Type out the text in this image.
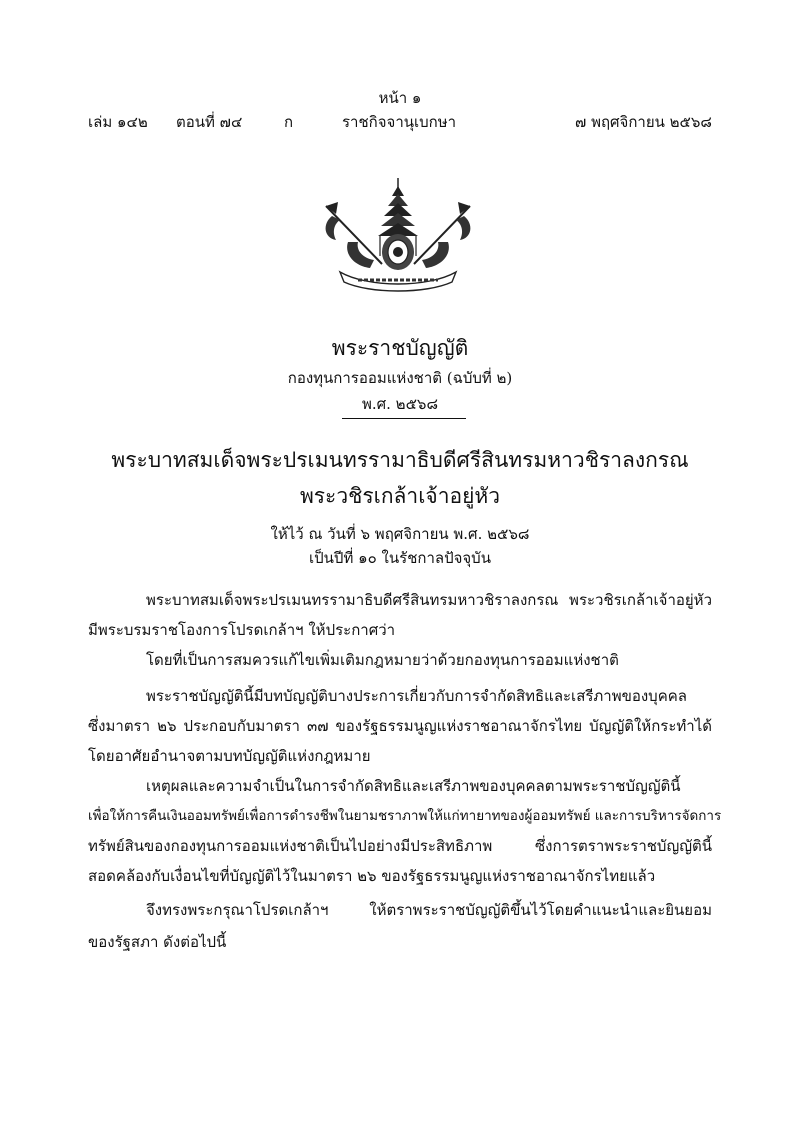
หน้า ๑
เล่ม ๑๔๒ ตอนที่ ๗๔	ก	ราชกิจจานุเบกษา	๗ พฤศจิกายน ๒๕๖๘
พระราชบัญญัติ
กองทุนการออมแห่งชาติ (ฉบับที่ ๒)
พ.ศ. ๒๕๖๘
พระบาทสมเด็จพระปรเมนทรรามาธิบดีศรีสินทรมหาวชิราลงกรณ
พระวชิรเกล้าเจ้าอยู่หัว
ให้ไว้ ณ วันที่ ๖ พฤศจิกายน พ.ศ. ๒๕๖๘
เป็นปีที่ ๑๐ ในรัชกาลปัจจุบัน
พระบาทสมเด็จพระปรเมนทรรามาธิบดีศรีสินทรมหาวชิราลงกรณ พระวชิรเกล้าเจ้าอยู่หัว
มีพระบรมราชโองการโปรดเกล้าฯ ให้ประกาศว่า
โดยที่เป็นการสมควรแก้ไขเพิ่มเติมกฎหมายว่าด้วยกองทุนการออมแห่งชาติ
พระราชบัญญัตินี้มีบทบัญญัติบางประการเกี่ยวกับการจำกัดสิทธิและเสรีภาพของบุคคล
ซึ่งมาตรา ๒๖ ประกอบกับมาตรา ๓๗ ของรัฐธรรมนูญแห่งราชอาณาจักรไทย บัญญัติให้กระทำได้
โดยอาศัยอำนาจตามบทบัญญัติแห่งกฎหมาย
เหตุผลและความจำเป็นในการจำกัดสิทธิและเสรีภาพของบุคคลตามพระราชบัญญัตินี้
เพื่อให้การคืนเงินออมทรัพย์เพื่อการดำรงชีพในยามชราภาพให้แก่ทายาทของผู้ออมทรัพย์ และการบริหารจัดการ
ทรัพย์สินของกองทุนการออมแห่งชาติเป็นไปอย่างมีประสิทธิภาพ ซึ่งการตราพระราชบัญญัตินี้
สอดคล้องกับเงื่อนไขที่บัญญัติไว้ในมาตรา ๒๖ ของรัฐธรรมนูญแห่งราชอาณาจักรไทยแล้ว
จึงทรงพระกรุณาโปรดเกล้าฯ ให้ตราพระราชบัญญัติขึ้นไว้โดยคำแนะนำและยินยอม
ของรัฐสภา ดังต่อไปนี้
